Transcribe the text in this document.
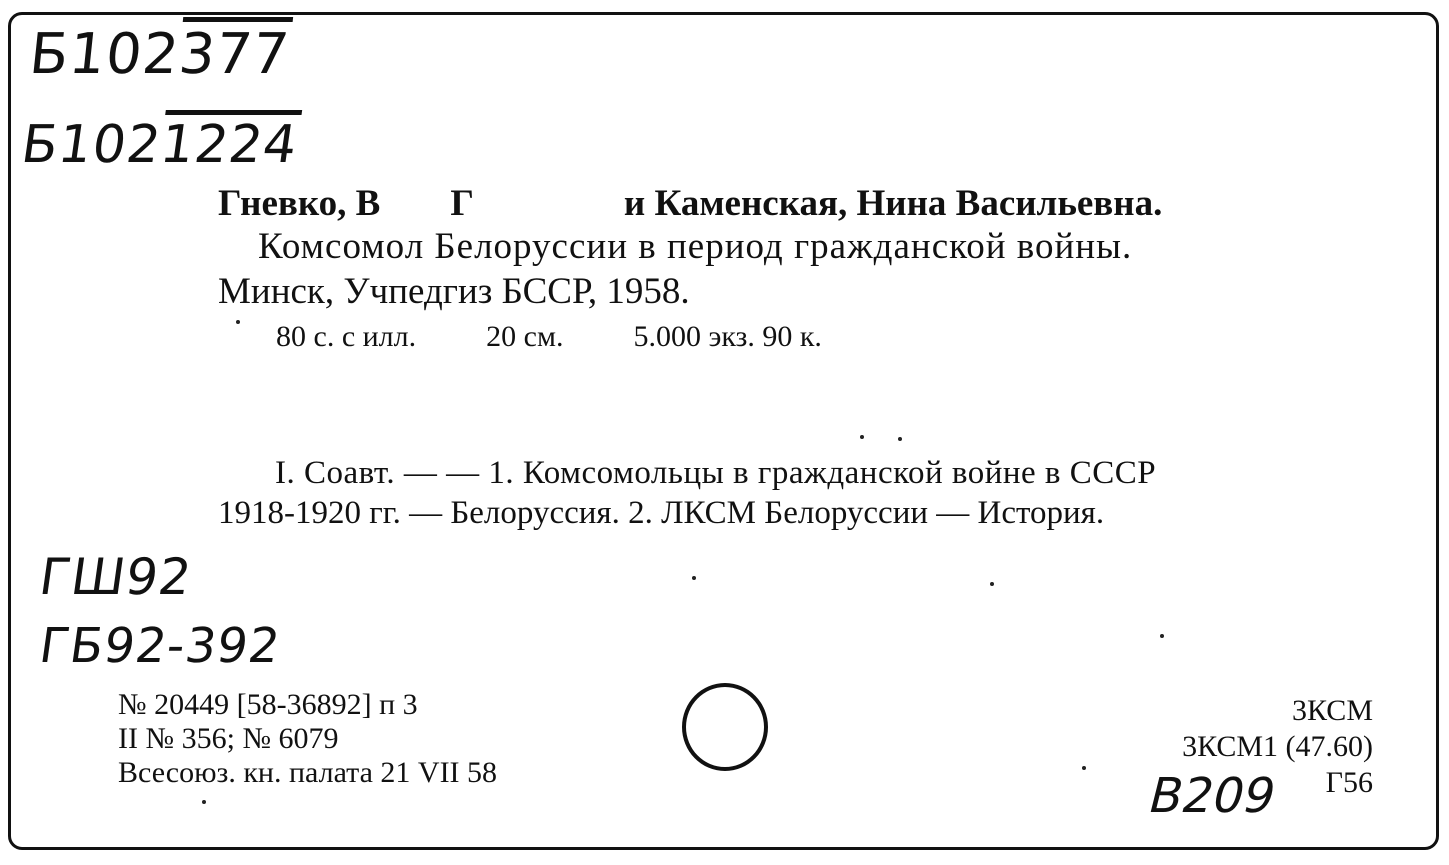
Б102377
Б1021224
Гневко, В Г	и Каменская, Нина Васильевна.
Комсомол Белоруссии в период гражданской войны.
Минск, Учпедгиз БССР, 1958.
80 с. с илл. 20 см. 5.000 экз. 90 к.
I. Соавт. — — 1. Комсомольцы в гражданской войне в СССР
1918-1920 гг. — Белоруссия. 2. ЛКСМ Белоруссии — История.
ГШ92
ГБ92-392
№ 20449 [58-36892] п 3
II № 356; № 6079
Всесоюз. кн. палата 21 VII 58
3КСМ
3КСМ1 (47.60)
Г56
В209
